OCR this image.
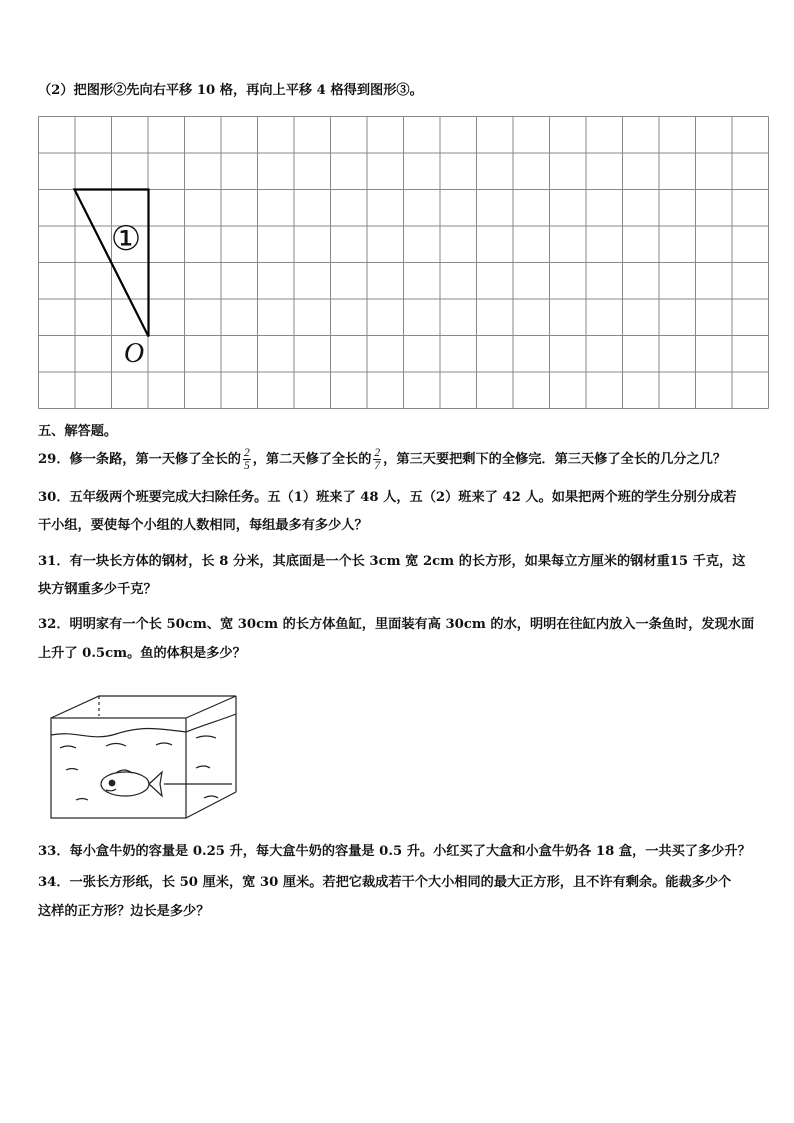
（2）把图形②先向右平移 10 格，再向上平移 4 格得到图形③。
①
O
五、解答题。
29．修一条路，第一天修了全长的 $\frac{2}{5}$ ，第二天修了全长的 $\frac{2}{7}$ ，第三天要把剩下的全修完．第三天修了全长的几分之几？
30．五年级两个班要完成大扫除任务。五（1）班来了 48 人，五（2）班来了 42 人。如果把两个班的学生分别分成若
干小组，要使每个小组的人数相同，每组最多有多少人？
31．有一块长方体的钢材，长 8 分米，其底面是一个长 3cm 宽 2cm 的长方形，如果每立方厘米的钢材重15 千克，这
块方钢重多少千克？
32．明明家有一个长 50cm、宽 30cm 的长方体鱼缸，里面装有高 30cm 的水，明明在往缸内放入一条鱼时，发现水面
上升了 0.5cm。鱼的体积是多少？
33．每小盒牛奶的容量是 0.25 升，每大盒牛奶的容量是 0.5 升。小红买了大盒和小盒牛奶各 18 盒，一共买了多少升？
34．一张长方形纸，长 50 厘米，宽 30 厘米。若把它裁成若干个大小相同的最大正方形，且不许有剩余。能裁多少个
这样的正方形？边长是多少？
